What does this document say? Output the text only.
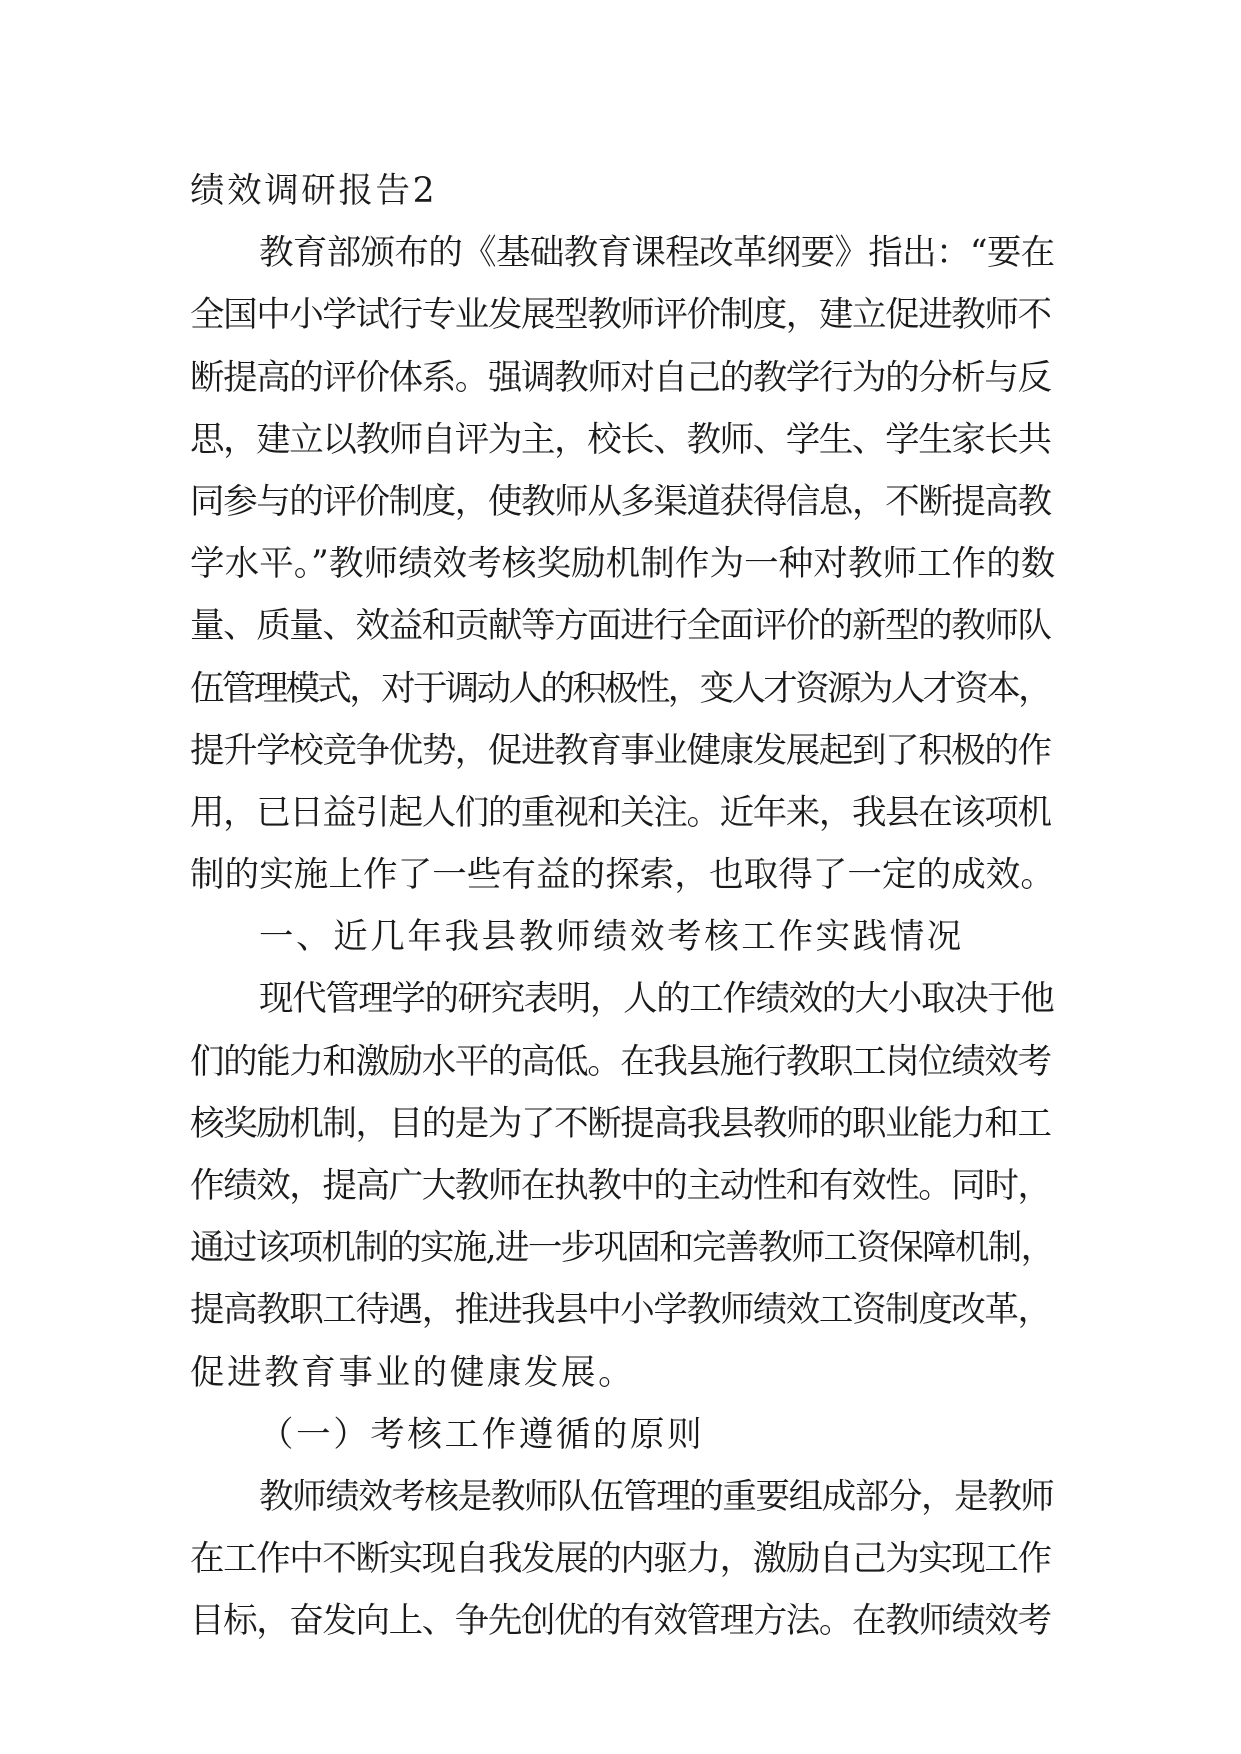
绩效调研报告2
教育部颁布的《基础教育课程改革纲要》指出：“要在
全国中小学试行专业发展型教师评价制度，建立促进教师不
断提高的评价体系。强调教师对自己的教学行为的分析与反
思，建立以教师自评为主，校长、教师、学生、学生家长共
同参与的评价制度，使教师从多渠道获得信息，不断提高教
学水平。”教师绩效考核奖励机制作为一种对教师工作的数
量、质量、效益和贡献等方面进行全面评价的新型的教师队
伍管理模式，对于调动人的积极性，变人才资源为人才资本，
提升学校竞争优势，促进教育事业健康发展起到了积极的作
用，已日益引起人们的重视和关注。近年来，我县在该项机
制的实施上作了一些有益的探索，也取得了一定的成效。
一、近几年我县教师绩效考核工作实践情况
现代管理学的研究表明，人的工作绩效的大小取决于他
们的能力和激励水平的高低。在我县施行教职工岗位绩效考
核奖励机制，目的是为了不断提高我县教师的职业能力和工
作绩效，提高广大教师在执教中的主动性和有效性。同时，
通过该项机制的实施,进一步巩固和完善教师工资保障机制，
提高教职工待遇，推进我县中小学教师绩效工资制度改革，
促进教育事业的健康发展。
（一）考核工作遵循的原则
教师绩效考核是教师队伍管理的重要组成部分，是教师
在工作中不断实现自我发展的内驱力，激励自己为实现工作
目标，奋发向上、争先创优的有效管理方法。在教师绩效考
